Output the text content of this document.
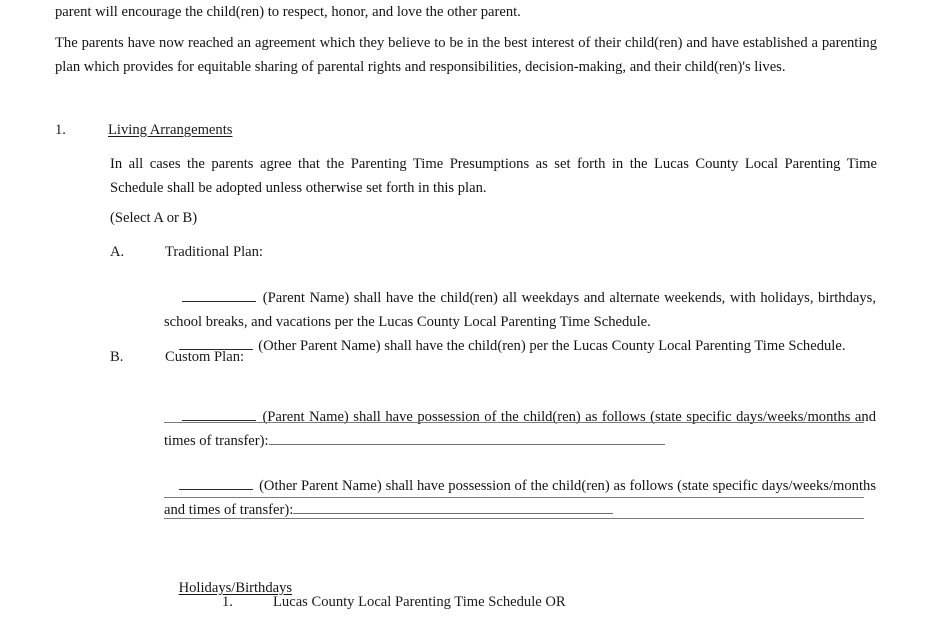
parent will encourage the child(ren) to respect, honor, and love the other parent.
The parents have now reached an agreement which they believe to be in the best interest of their child(ren) and have established a parenting plan which provides for equitable sharing of parental rights and responsibilities, decision-making, and their child(ren)'s lives.
1.	Living Arrangements
In all cases the parents agree that the Parenting Time Presumptions as set forth in the Lucas County Local Parenting Time Schedule shall be adopted unless otherwise set forth in this plan.
(Select A or B)
A.	Traditional Plan:

(Parent Name) shall have the child(ren) all weekdays and alternate weekends, with holidays, birthdays, school breaks, and vacations per the Lucas County Local Parenting Time Schedule.

(Other Parent Name) shall have the child(ren) per the Lucas County Local Parenting Time Schedule.

B.	Custom Plan:

(Parent Name) shall have possession of the child(ren) as follows (state specific days/weeks/months and times of transfer):

(Other Parent Name) shall have possession of the child(ren) as follows (state specific days/weeks/months and times of transfer):

Holidays/Birthdays

1.	Lucas County Local Parenting Time Schedule OR
